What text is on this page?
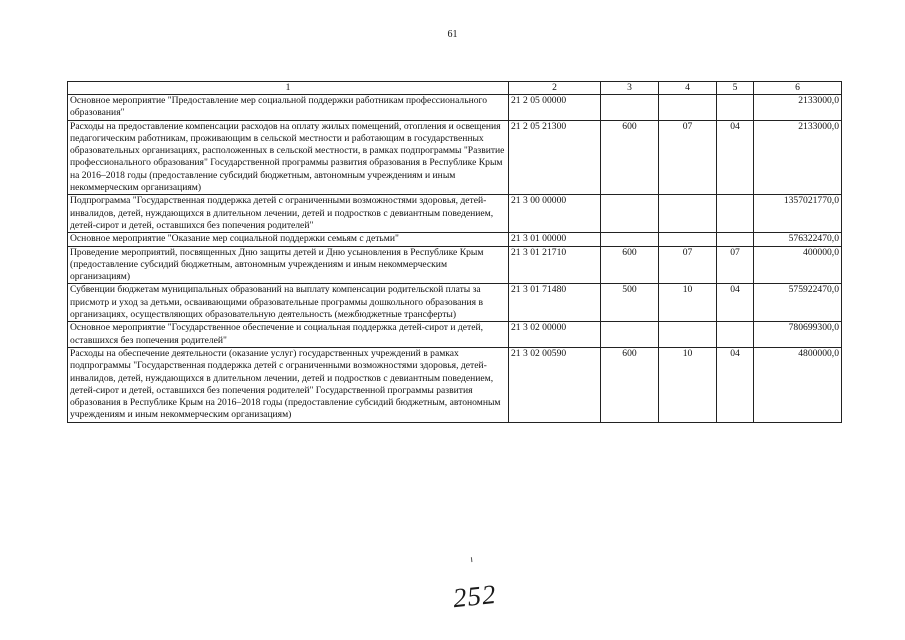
61
1	2	3	4	5	6
Основное мероприятие "Предоставление мер социальной поддержки работникам профессионального образования"	21 2 05 00000				2133000,0
Расходы на предоставление компенсации расходов на оплату жилых помещений, отопления и освещения педагогическим работникам, проживающим в сельской местности и работающим в государственных образовательных организациях, расположенных в сельской местности, в рамках подпрограммы "Развитие профессионального образования" Государственной программы развития образования в Республике Крым на 2016–2018 годы (предоставление субсидий бюджетным, автономным учреждениям и иным некоммерческим организациям)	21 2 05 21300	600	07	04	2133000,0
Подпрограмма "Государственная поддержка детей с ограниченными возможностями здоровья, детей-инвалидов, детей, нуждающихся в длительном лечении, детей и подростков с девиантным поведением, детей-сирот и детей, оставшихся без попечения родителей"	21 3 00 00000				1357021770,0
Основное мероприятие "Оказание мер социальной поддержки семьям с детьми"	21 3 01 00000				576322470,0
Проведение мероприятий, посвященных Дню защиты детей и Дню усыновления в Республике Крым (предоставление субсидий бюджетным, автономным учреждениям и иным некоммерческим организациям)	21 3 01 21710	600	07	07	400000,0
Субвенции бюджетам муниципальных образований на выплату компенсации родительской платы за присмотр и уход за детьми, осваивающими образовательные программы дошкольного образования в организациях, осуществляющих образовательную деятельность (межбюджетные трансферты)	21 3 01 71480	500	10	04	575922470,0
Основное мероприятие "Государственное обеспечение и социальная поддержка детей-сирот и детей, оставшихся без попечения родителей"	21 3 02 00000				780699300,0
Расходы на обеспечение деятельности (оказание услуг) государственных учреждений в рамках подпрограммы "Государственная поддержка детей с ограниченными возможностями здоровья, детей-инвалидов, детей, нуждающихся в длительном лечении, детей и подростков с девиантным поведением, детей-сирот и детей, оставшихся без попечения родителей" Государственной программы развития образования в Республике Крым на 2016–2018 годы (предоставление субсидий бюджетным, автономным учреждениям и иным некоммерческим организациям)	21 3 02 00590	600	10	04	4800000,0
252
